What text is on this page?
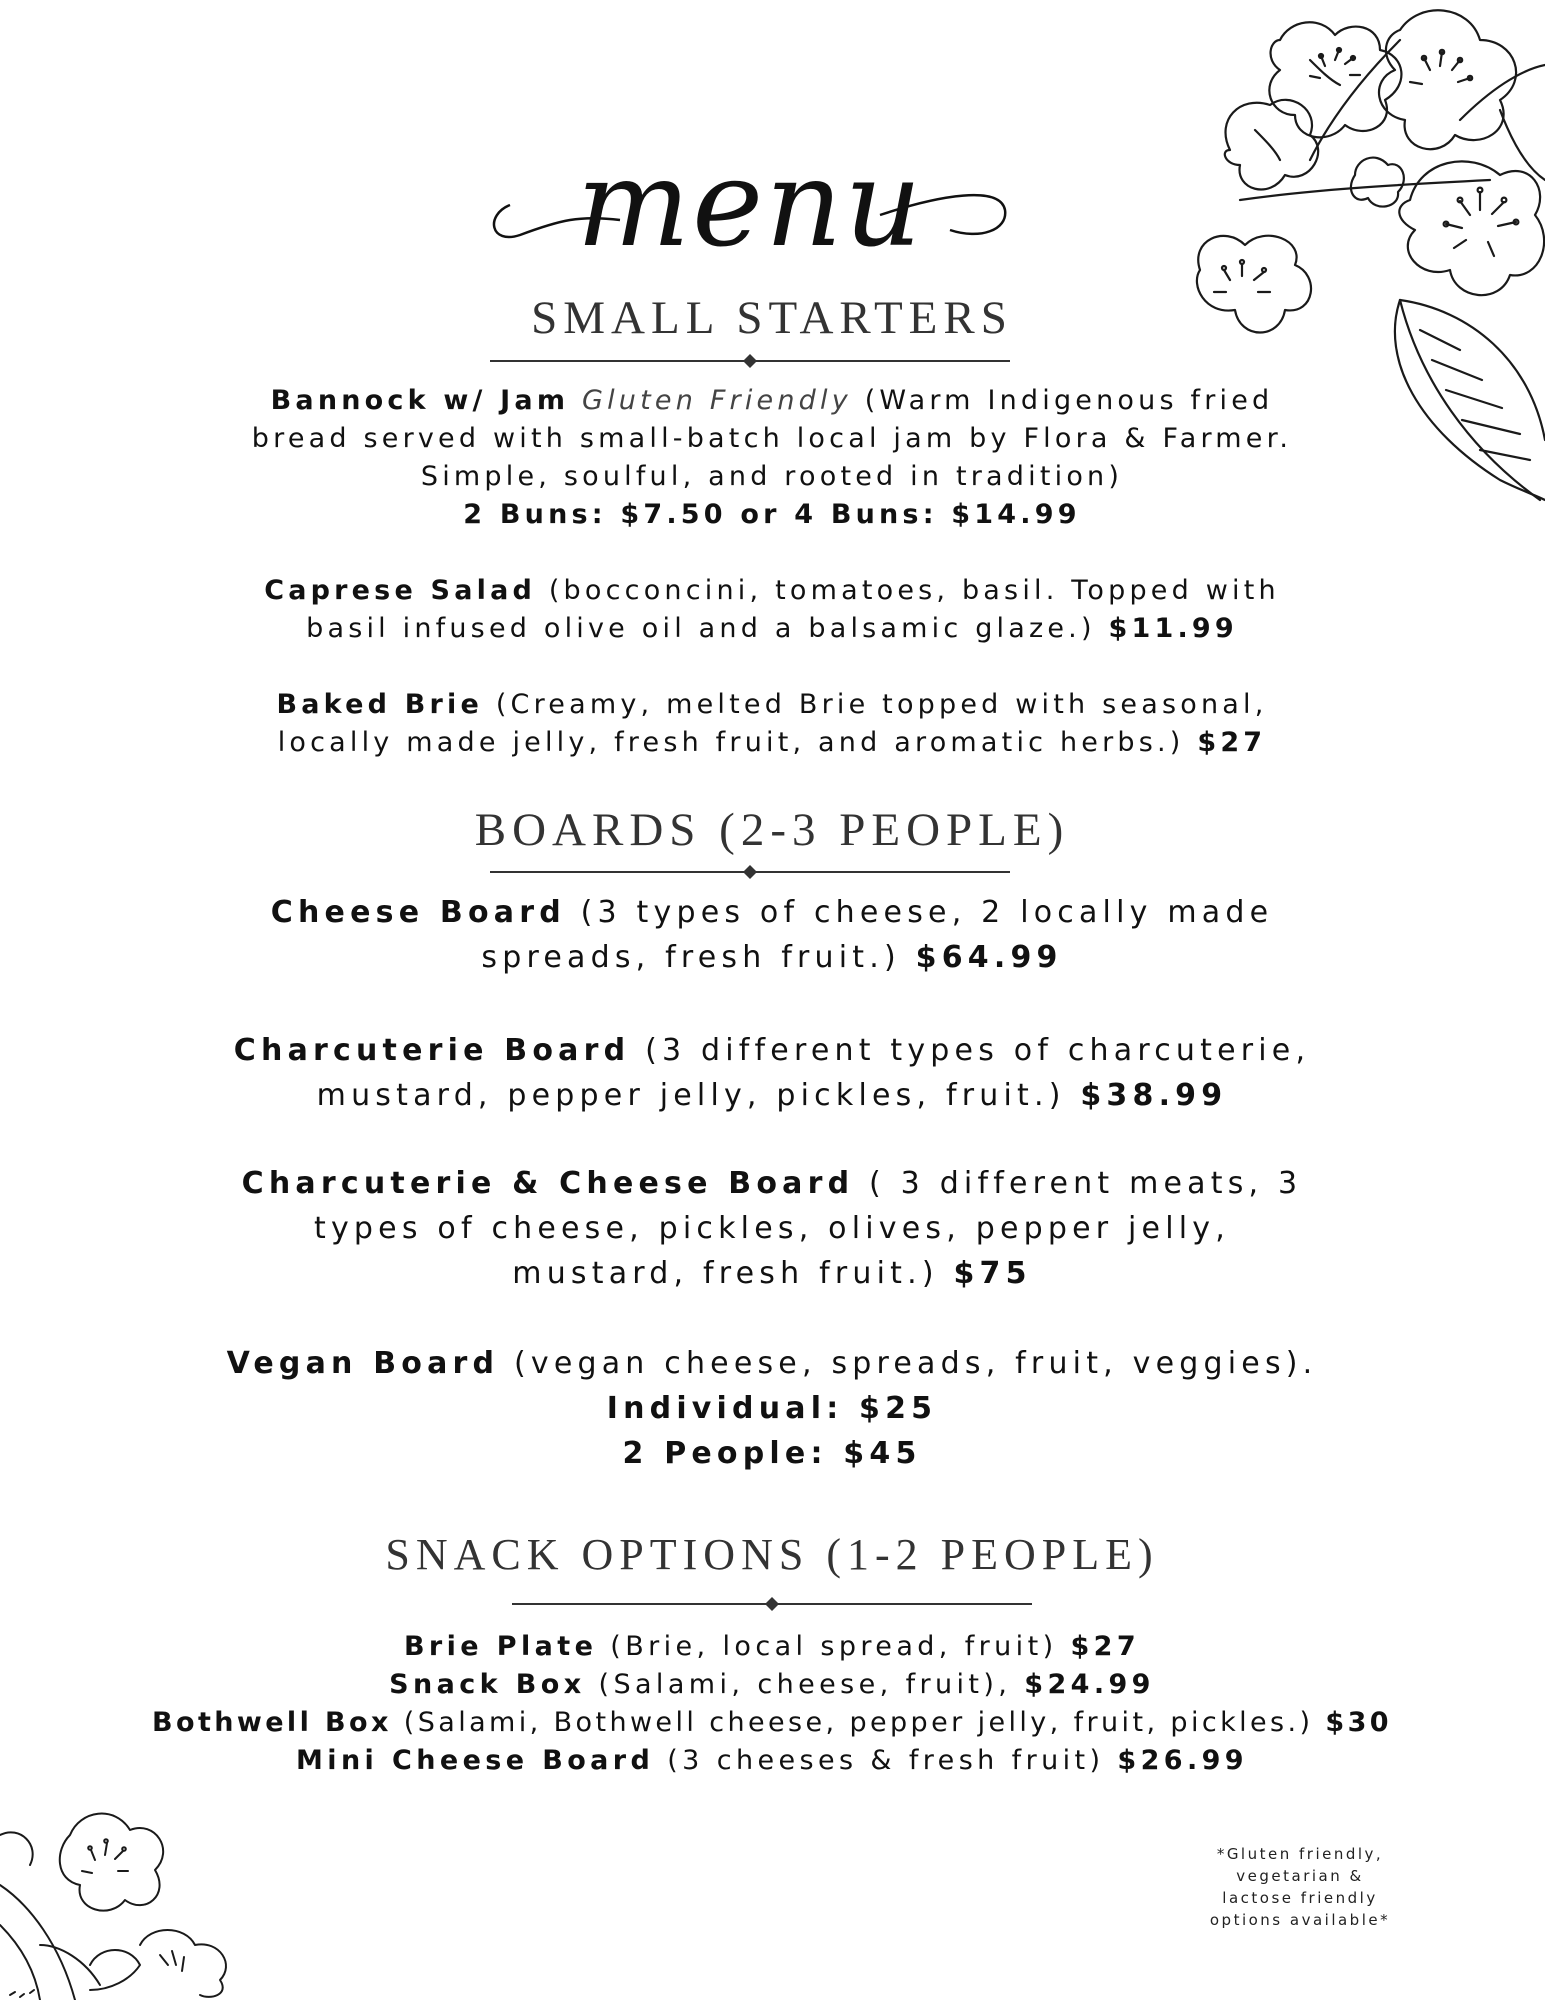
menu
SMALL STARTERS
Bannock w/ Jam Gluten Friendly (Warm Indigenous fried
bread served with small-batch local jam by Flora & Farmer.
Simple, soulful, and rooted in tradition)
2 Buns: $7.50 or 4 Buns: $14.99
Caprese Salad (bocconcini, tomatoes, basil. Topped with
basil infused olive oil and a balsamic glaze.) $11.99
Baked Brie (Creamy, melted Brie topped with seasonal,
locally made jelly, fresh fruit, and aromatic herbs.) $27
BOARDS (2-3 PEOPLE)
Cheese Board (3 types of cheese, 2 locally made
spreads, fresh fruit.) $64.99
Charcuterie Board (3 different types of charcuterie,
mustard, pepper jelly, pickles, fruit.) $38.99
Charcuterie & Cheese Board ( 3 different meats, 3
types of cheese, pickles, olives, pepper jelly,
mustard, fresh fruit.) $75
Vegan Board (vegan cheese, spreads, fruit, veggies).
Individual: $25
2 People: $45
SNACK OPTIONS (1-2 PEOPLE)
Brie Plate (Brie, local spread, fruit) $27
Snack Box (Salami, cheese, fruit), $24.99
Bothwell Box (Salami, Bothwell cheese, pepper jelly, fruit, pickles.) $30
Mini Cheese Board (3 cheeses & fresh fruit) $26.99
*Gluten friendly,
vegetarian &
lactose friendly
options available*
